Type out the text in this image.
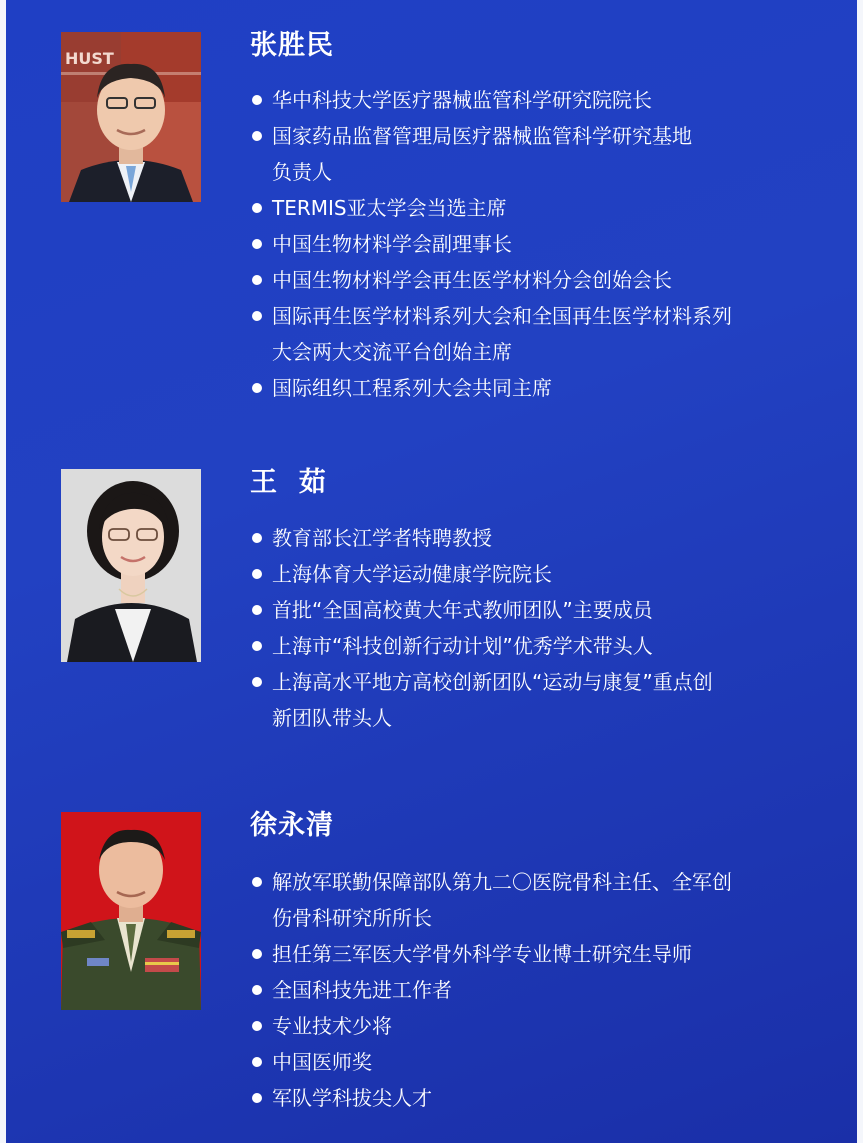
HUST	张胜民
华中科技大学医疗器械监管科学研究院院长
国家药品监督管理局医疗器械监管科学研究基地
负责人
TERMIS亚太学会当选主席
中国生物材料学会副理事长
中国生物材料学会再生医学材料分会创始会长
国际再生医学材料系列大会和全国再生医学材料系列
大会两大交流平台创始主席
国际组织工程系列大会共同主席
王  茹
教育部长江学者特聘教授
上海体育大学运动健康学院院长
首批“全国高校黄大年式教师团队”主要成员
上海市“科技创新行动计划”优秀学术带头人
上海高水平地方高校创新团队“运动与康复”重点创
新团队带头人
徐永清
解放军联勤保障部队第九二〇医院骨科主任、全军创
伤骨科研究所所长
担任第三军医大学骨外科学专业博士研究生导师
全国科技先进工作者
专业技术少将
中国医师奖
军队学科拔尖人才
